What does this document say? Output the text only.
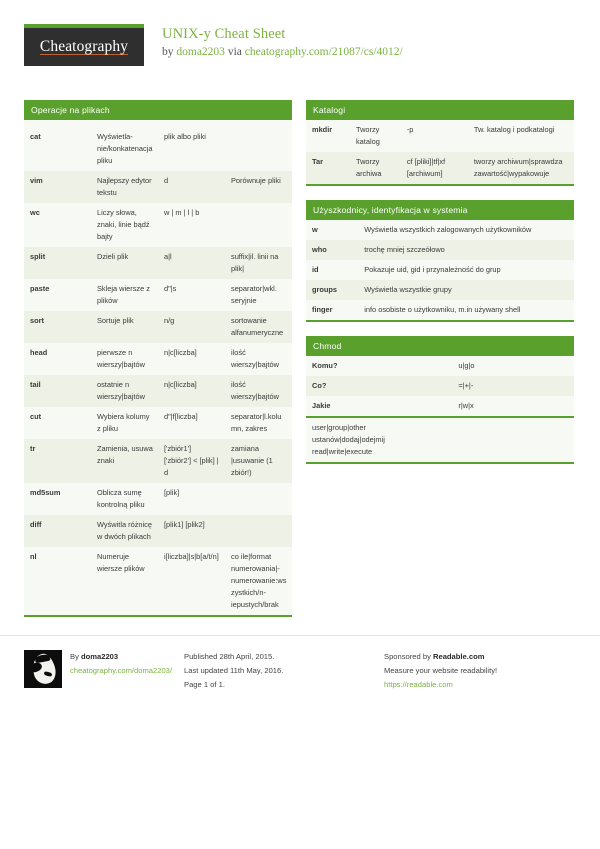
Cheatography
UNIX-y Cheat Sheet
by doma2203 via cheatography.com/21087/cs/4012/
Operacje na plikach

cat	Wyświetlanie/konkatenacja pliku	plik albo pliki	
vim	Najlepszy edytor tekstu	d	Porównuje pliki
wc	Liczy słowa, znaki, linie bądź bajty	w | m | l | b	
split	Dzieli plik	a|l	suffix|il. linii na plik|
paste	Skleja wiersze z plików	d"|s	separator|wkl. seryjnie
sort	Sortuje plik	n/g	sortowanie alfanumeryczne
head	pierwsze n wierszy|bajtów	n|c[liczba]	ilość wierszy|bajtów
tail	ostatnie n wierszy|bajtów	n|c[liczba]	ilość wierszy|bajtów
cut	Wybiera kolumy z pliku	d"|f[liczba]	separator|l.kolumn, zakres
tr	Zamienia, usuwa znaki	['zbiór1'] ['zbiór2'] < [plik] | d	zamiana |usuwanie (1 zbiór!)
md5sum	Oblicza sumę kontrolną pliku	[plik]	
diff	Wyświtla różnicę w dwóch plikach	[plik1] [plik2]	
nl	Numeruje wiersze plików	i[liczba]|s|b[a/t/n]	co ile|format numerowania|numerowanie:wszystkich/niepustych/brak
Katalogi
mkdir	Tworzy katalog	-p	Tw. katalog i podkatalogi
Tar	Tworzy archiwa	cf [pliki]|tf|xf [archiwum]	tworzy archiwum|sprawdza zawartość|wypakowuje
Użyszkodnicy, identyfikacja w systemia
w	Wyświetla wszystkich zalogowanych użytkowników
who	trochę mniej szczeółowo
id	Pokazuje uid, gid i przynależność do grup
groups	Wyświetla wszystkie grupy
finger	info osobiste o użytkowniku, m.in używany shell
Chmod
Komu?	u|g|o
Co?	=|+|-
Jakie	r|w|x

user|group|other
ustanów|dodaj|odejmij
read|write|execute	
By doma2203
cheatography.com/doma2203/
Published 28th April, 2015.
Last updated 11th May, 2016.
Page 1 of 1.
Sponsored by Readable.com
Measure your website readability!
https://readable.com
